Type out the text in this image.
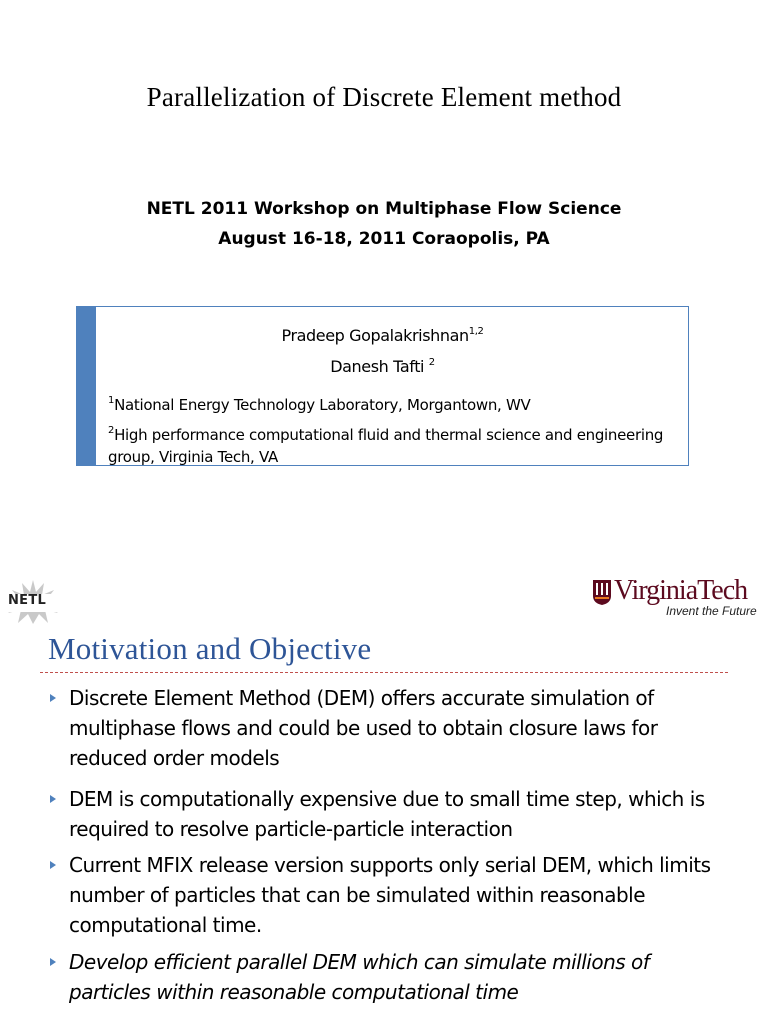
Parallelization of Discrete Element method
NETL 2011 Workshop on Multiphase Flow Science
August 16-18, 2011 Coraopolis, PA
Pradeep Gopalakrishnan$^{1,2}$
Danesh Tafti $^2$
$^1$National Energy Technology Laboratory, Morgantown, WV
$^2$High performance computational fluid and thermal science and engineering group, Virginia Tech, VA
NETL	VirginiaTech
Invent the Future
Motivation and Objective
Discrete Element Method (DEM) offers accurate simulation of multiphase flows and could be used to obtain closure laws for reduced order models
DEM is computationally expensive due to small time step, which is required to resolve particle-particle interaction
Current MFIX release version supports only serial DEM, which limits number of particles that can be simulated within reasonable computational time.
Develop efficient parallel DEM which can simulate millions of particles within reasonable computational time
